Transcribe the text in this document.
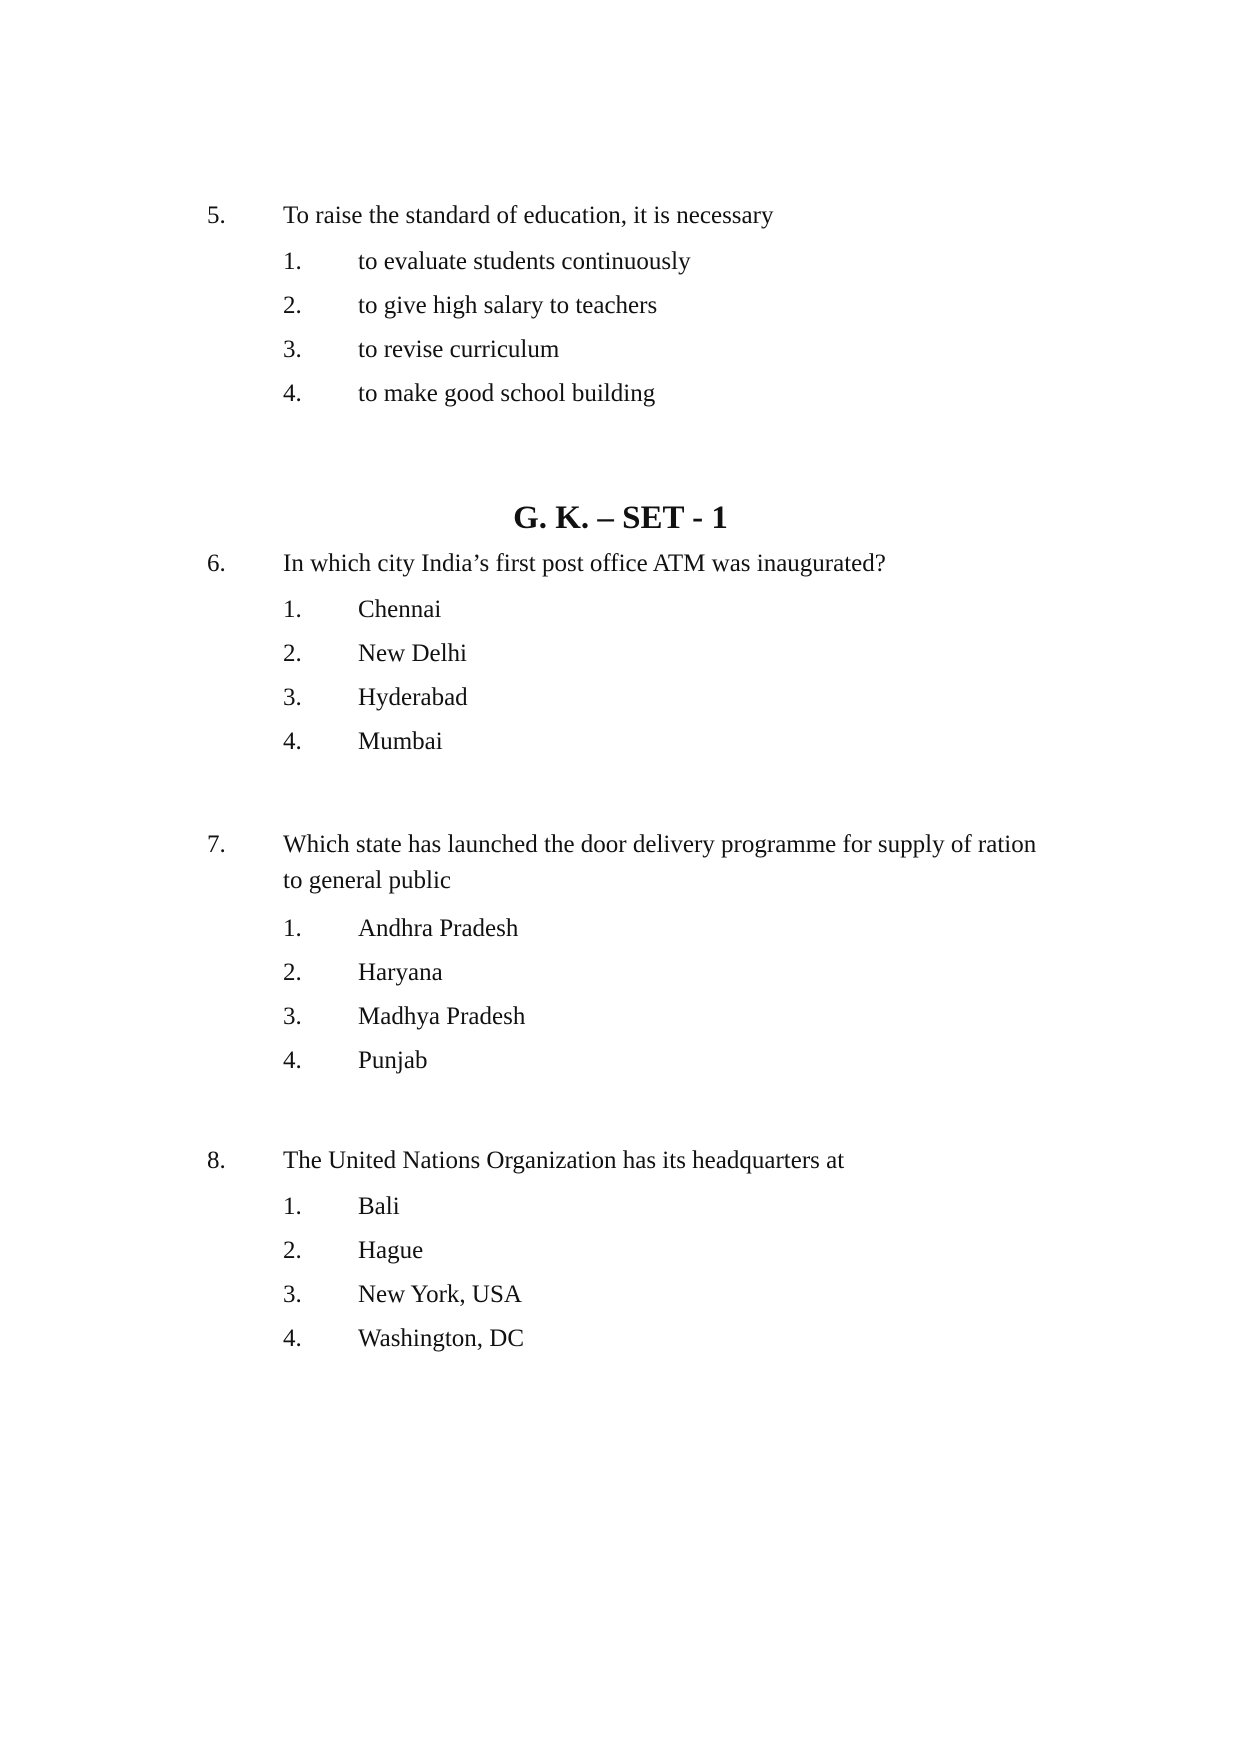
5. To raise the standard of education, it is necessary
1. to evaluate students continuously
2. to give high salary to teachers
3. to revise curriculum
4. to make good school building
G. K. – SET - 1
6. In which city India’s first post office ATM was inaugurated?
1. Chennai
2. New Delhi
3. Hyderabad
4. Mumbai
7. Which state has launched the door delivery programme for supply of ration to general public
1. Andhra Pradesh
2. Haryana
3. Madhya Pradesh
4. Punjab
8. The United Nations Organization has its headquarters at
1. Bali
2. Hague
3. New York, USA
4. Washington, DC
